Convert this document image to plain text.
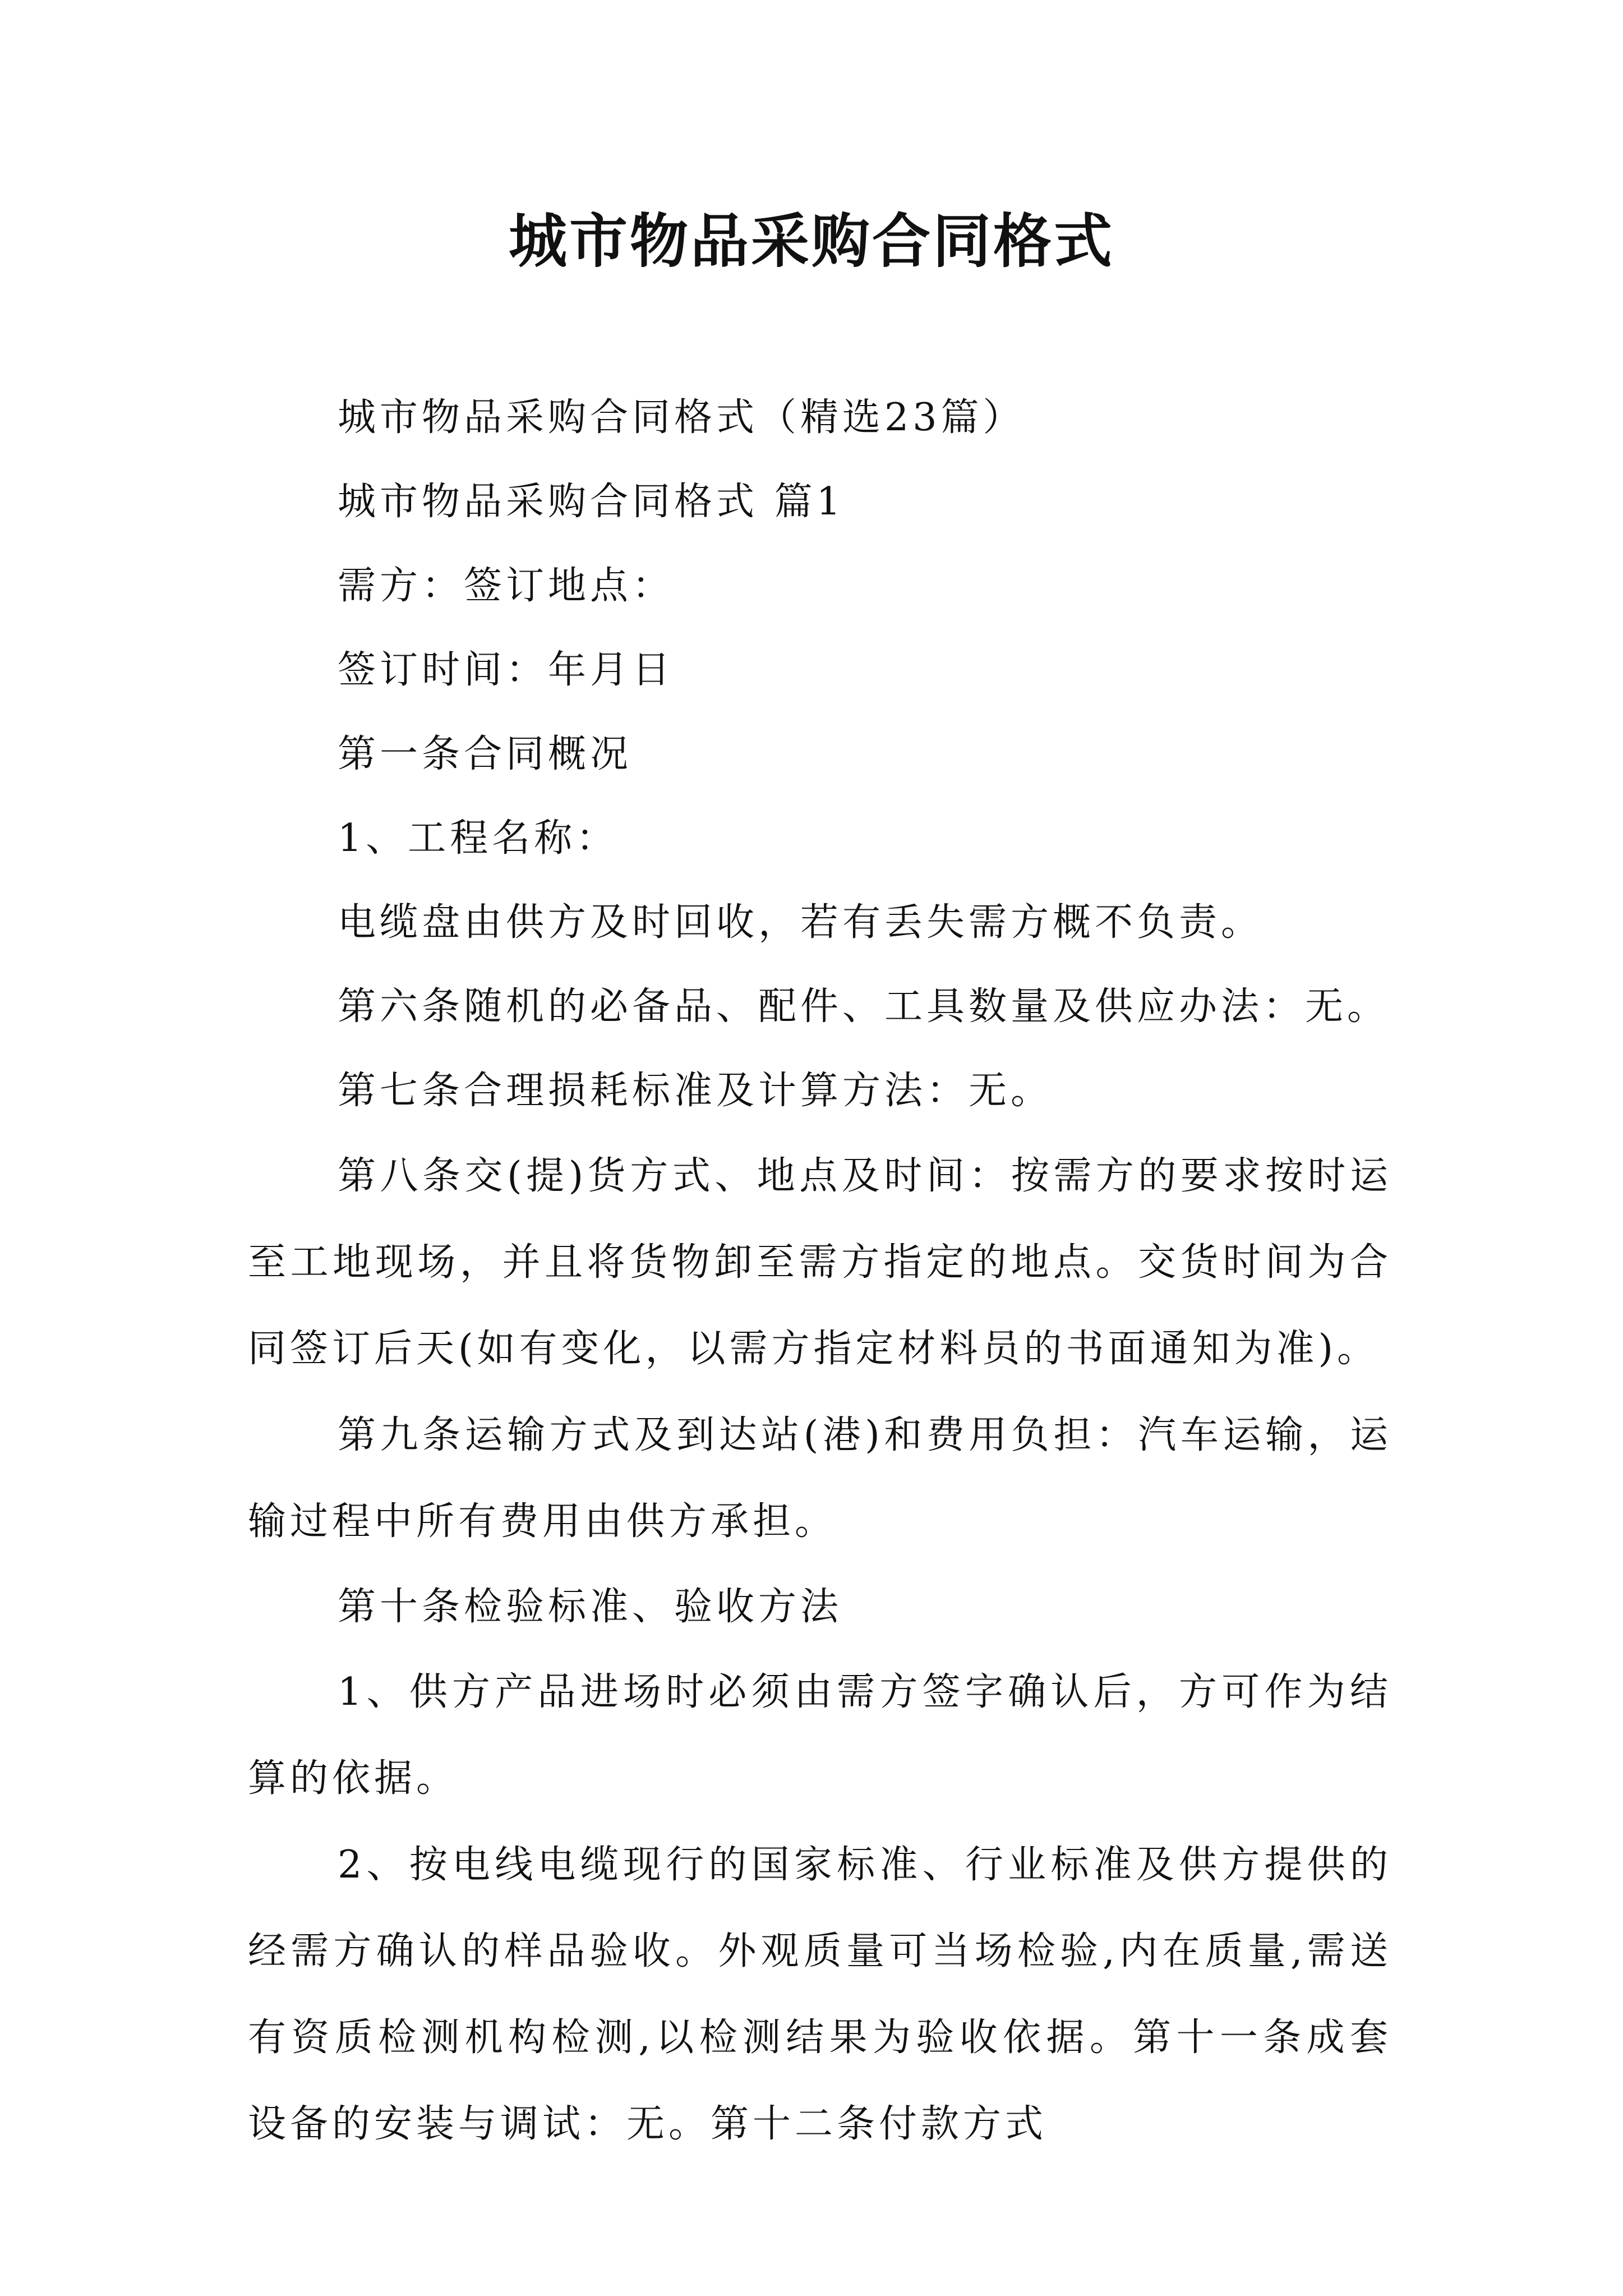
城市物品采购合同格式

城市物品采购合同格式（精选23篇）

城市物品采购合同格式 篇1

需方：签订地点：

签订时间：年月日

第一条合同概况

1、工程名称：

电缆盘由供方及时回收，若有丢失需方概不负责。

第六条随机的必备品、配件、工具数量及供应办法：无。

第七条合理损耗标准及计算方法：无。

第八条交(提)货方式、地点及时间：按需方的要求按时运至工地现场，并且将货物卸至需方指定的地点。交货时间为合同签订后天(如有变化，以需方指定材料员的书面通知为准)。

第九条运输方式及到达站(港)和费用负担：汽车运输，运输过程中所有费用由供方承担。

第十条检验标准、验收方法

1、供方产品进场时必须由需方签字确认后，方可作为结算的依据。

2、按电线电缆现行的国家标准、行业标准及供方提供的经需方确认的样品验收。外观质量可当场检验,内在质量,需送有资质检测机构检测,以检测结果为验收依据。第十一条成套设备的安装与调试：无。第十二条付款方式
